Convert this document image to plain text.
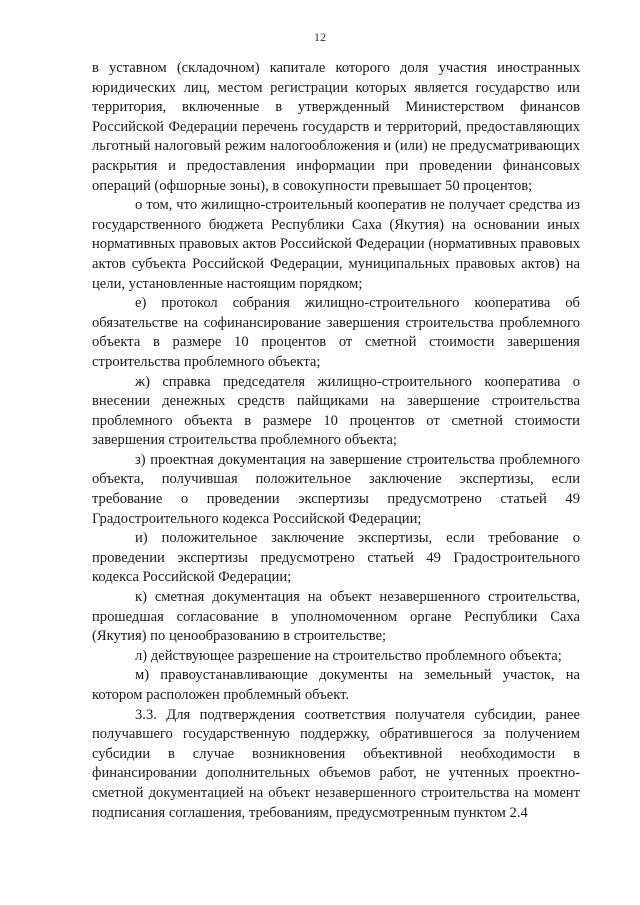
12

в уставном (складочном) капитале которого доля участия иностранных юридических лиц, местом регистрации которых является государство или территория, включенные в утвержденный Министерством финансов Российской Федерации перечень государств и территорий, предоставляющих льготный налоговый режим налогообложения и (или) не предусматривающих раскрытия и предоставления информации при проведении финансовых операций (офшорные зоны), в совокупности превышает 50 процентов;

о том, что жилищно-строительный кооператив не получает средства из государственного бюджета Республики Саха (Якутия) на основании иных нормативных правовых актов Российской Федерации (нормативных правовых актов субъекта Российской Федерации, муниципальных правовых актов) на цели, установленные настоящим порядком;

е) протокол собрания жилищно-строительного кооператива об обязательстве на софинансирование завершения строительства проблемного объекта в размере 10 процентов от сметной стоимости завершения строительства проблемного объекта;

ж) справка председателя жилищно-строительного кооператива о внесении денежных средств пайщиками на завершение строительства проблемного объекта в размере 10 процентов от сметной стоимости завершения строительства проблемного объекта;

з) проектная документация на завершение строительства проблемного объекта, получившая положительное заключение экспертизы, если требование о проведении экспертизы предусмотрено статьей 49 Градостроительного кодекса Российской Федерации;

и) положительное заключение экспертизы, если требование о проведении экспертизы предусмотрено статьей 49 Градостроительного кодекса Российской Федерации;

к) сметная документация на объект незавершенного строительства, прошедшая согласование в уполномоченном органе Республики Саха (Якутия) по ценообразованию в строительстве;

л) действующее разрешение на строительство проблемного объекта;

м) правоустанавливающие документы на земельный участок, на котором расположен проблемный объект.

3.3. Для подтверждения соответствия получателя субсидии, ранее получавшего государственную поддержку, обратившегося за получением субсидии в случае возникновения объективной необходимости в финансировании дополнительных объемов работ, не учтенных проектно-сметной документацией на объект незавершенного строительства на момент подписания соглашения, требованиям, предусмотренным пунктом 2.4
